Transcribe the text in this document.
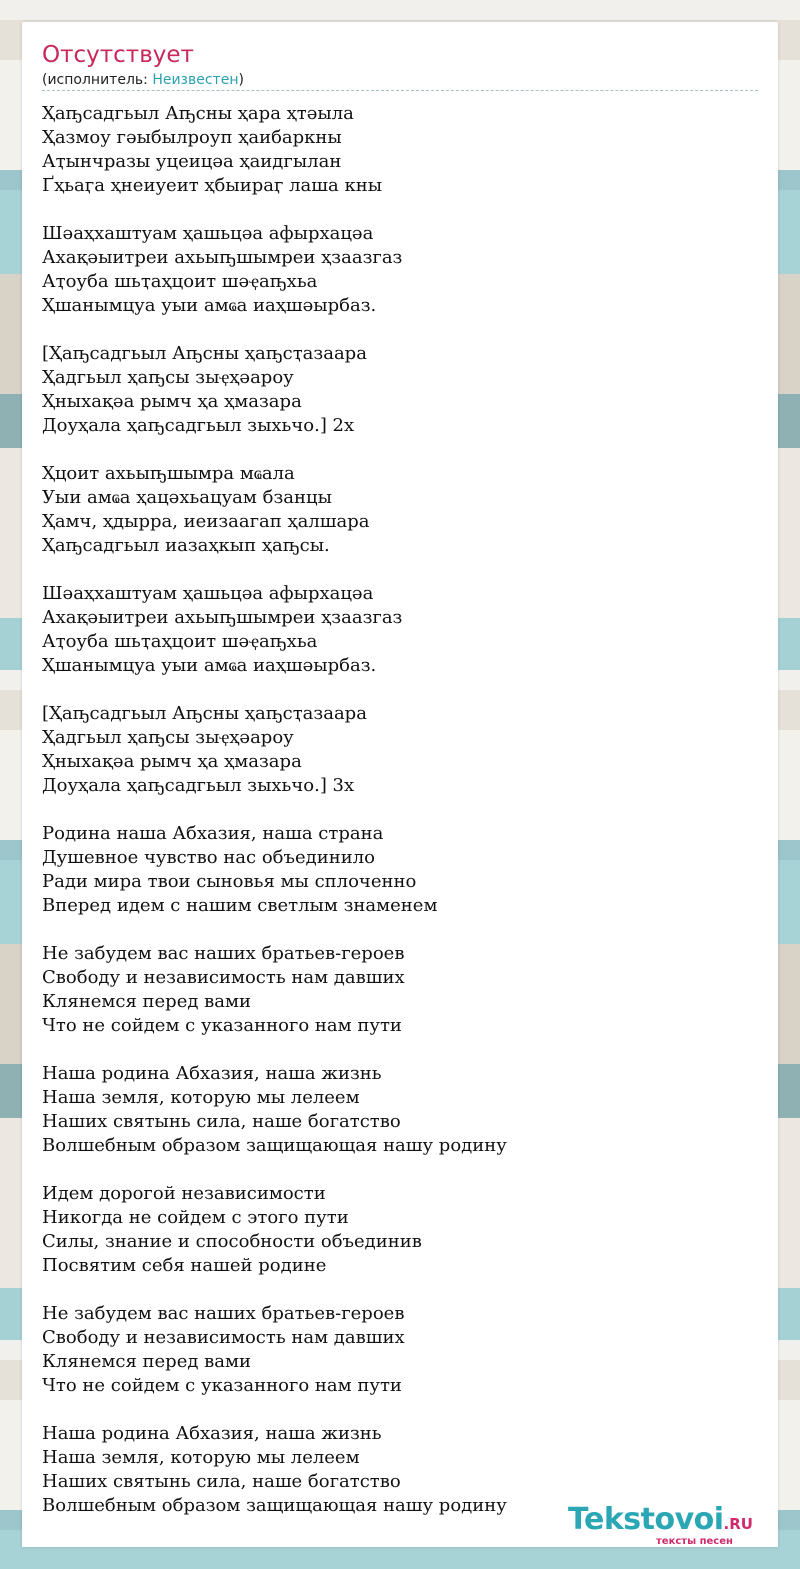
Отсутствует
(исполнитель: Неизвестен)
Ҳаҧсадгьыл Аҧсны ҳара ҳтәыла
Ҳазмоу гәыбылроуп ҳаибаркны
Аҭынчразы уцеицәа ҳаидгылан
Ґҳьаӷа ҳнеиуеит ҳбыираӷ лаша кны
Шәаҳхаштуам ҳашьцәа афырхацәа
Ахақәыитреи ахьыҧшымреи ҳзаазгаз
Аҭоуба шьҭаҳцоит шәҿаҧхьа
Ҳшанымцуа уыи амҩа иаҳшәырбаз.
[Ҳаҧсадгьыл Аҧсны ҳаҧсҭазаара
Ҳадгьыл ҳаҧсы зыҿҳәароу
Ҳныхақәа рымч ҳа ҳмазара
Доуҳала ҳаҧсадгьыл зыхьчо.] 2х
Ҳцоит ахьыҧшымра мҩала
Уыи амҩа ҳацәхьацуам бзанцы
Ҳамч, ҳдырра, иеизаагап ҳалшара
Ҳаҧсадгьыл иазаҳкып ҳаҧсы.
Шәаҳхаштуам ҳашьцәа афырхацәа
Ахақәыитреи ахьыҧшымреи ҳзаазгаз
Аҭоуба шьҭаҳцоит шәҿаҧхьа
Ҳшанымцуа уыи амҩа иаҳшәырбаз.
[Ҳаҧсадгьыл Аҧсны ҳаҧсҭазаара
Ҳадгьыл ҳаҧсы зыҿҳәароу
Ҳныхақәа рымч ҳа ҳмазара
Доуҳала ҳаҧсадгьыл зыхьчо.] 3х
Родина наша Абхазия, наша страна
Душевное чувство нас объединило
Ради мира твои сыновья мы сплоченно
Вперед идем с нашим светлым знаменем
Не забудем вас наших братьев-героев
Свободу и независимость нам давших
Клянемся перед вами
Что не сойдем с указанного нам пути
Наша родина Абхазия, наша жизнь
Наша земля, которую мы лелеем
Наших святынь сила, наше богатство
Волшебным образом защищающая нашу родину
Идем дорогой независимости
Никогда не сойдем с этого пути
Силы, знание и способности объединив
Посвятим себя нашей родине
Не забудем вас наших братьев-героев
Свободу и независимость нам давших
Клянемся перед вами
Что не сойдем с указанного нам пути
Наша родина Абхазия, наша жизнь
Наша земля, которую мы лелеем
Наших святынь сила, наше богатство
Волшебным образом защищающая нашу родину	Tekstovoi.RU
тексты песен
